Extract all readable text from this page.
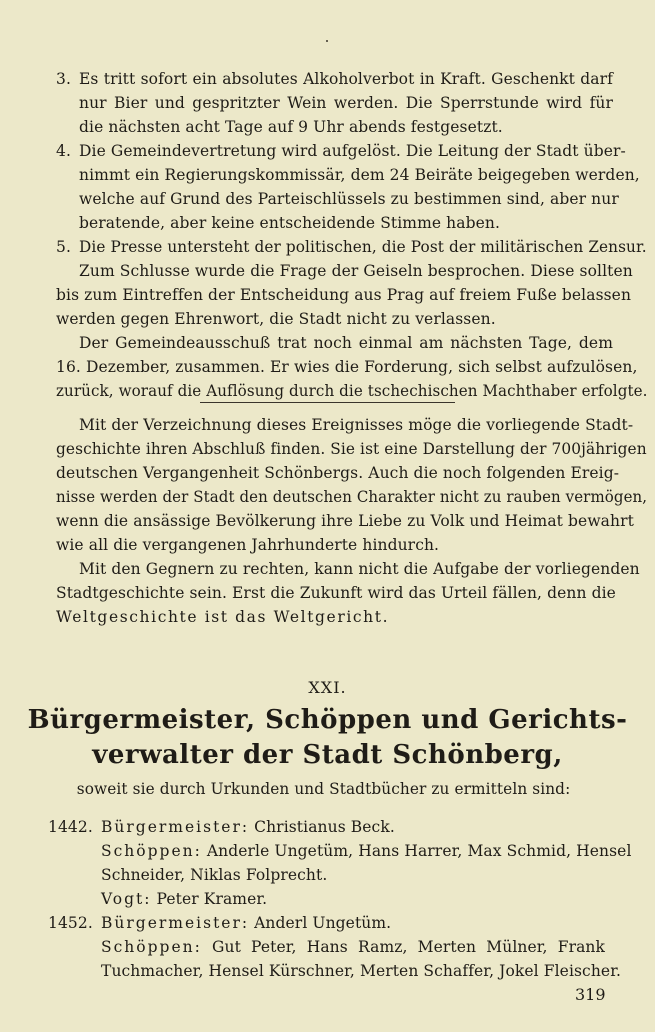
3. Es tritt sofort ein absolutes Alkoholverbot in Kraft. Geschenkt darf
nur Bier und gespritzter Wein werden. Die Sperrstunde wird für
die nächsten acht Tage auf 9 Uhr abends festgesetzt.
4. Die Gemeindevertretung wird aufgelöst. Die Leitung der Stadt über-
nimmt ein Regierungskommissär, dem 24 Beiräte beigegeben werden,
welche auf Grund des Parteischlüssels zu bestimmen sind, aber nur
beratende, aber keine entscheidende Stimme haben.
5. Die Presse untersteht der politischen, die Post der militärischen Zensur.
Zum Schlusse wurde die Frage der Geiseln besprochen. Diese sollten
bis zum Eintreffen der Entscheidung aus Prag auf freiem Fuße belassen
werden gegen Ehrenwort, die Stadt nicht zu verlassen.
Der Gemeindeausschuß trat noch einmal am nächsten Tage, dem
16. Dezember, zusammen. Er wies die Forderung, sich selbst aufzulösen,
zurück, worauf die Auflösung durch die tschechischen Machthaber erfolgte.
Mit der Verzeichnung dieses Ereignisses möge die vorliegende Stadt-
geschichte ihren Abschluß finden. Sie ist eine Darstellung der 700jährigen
deutschen Vergangenheit Schönbergs. Auch die noch folgenden Ereig-
nisse werden der Stadt den deutschen Charakter nicht zu rauben vermögen,
wenn die ansässige Bevölkerung ihre Liebe zu Volk und Heimat bewahrt
wie all die vergangenen Jahrhunderte hindurch.
Mit den Gegnern zu rechten, kann nicht die Aufgabe der vorliegenden
Stadtgeschichte sein. Erst die Zukunft wird das Urteil fällen, denn die
Weltgeschichte ist das Weltgericht.
XXI.
Bürgermeister, Schöppen und Gerichts-
verwalter der Stadt Schönberg,
soweit sie durch Urkunden und Stadtbücher zu ermitteln sind:
1442. Bürgermeister: Christianus Beck.
Schöppen: Anderle Ungetüm, Hans Harrer, Max Schmid, Hensel
Schneider, Niklas Folprecht.
Vogt: Peter Kramer.
1452. Bürgermeister: Anderl Ungetüm.
Schöppen: Gut Peter, Hans Ramz, Merten Mülner, Frank
Tuchmacher, Hensel Kürschner, Merten Schaffer, Jokel Fleischer.
319
